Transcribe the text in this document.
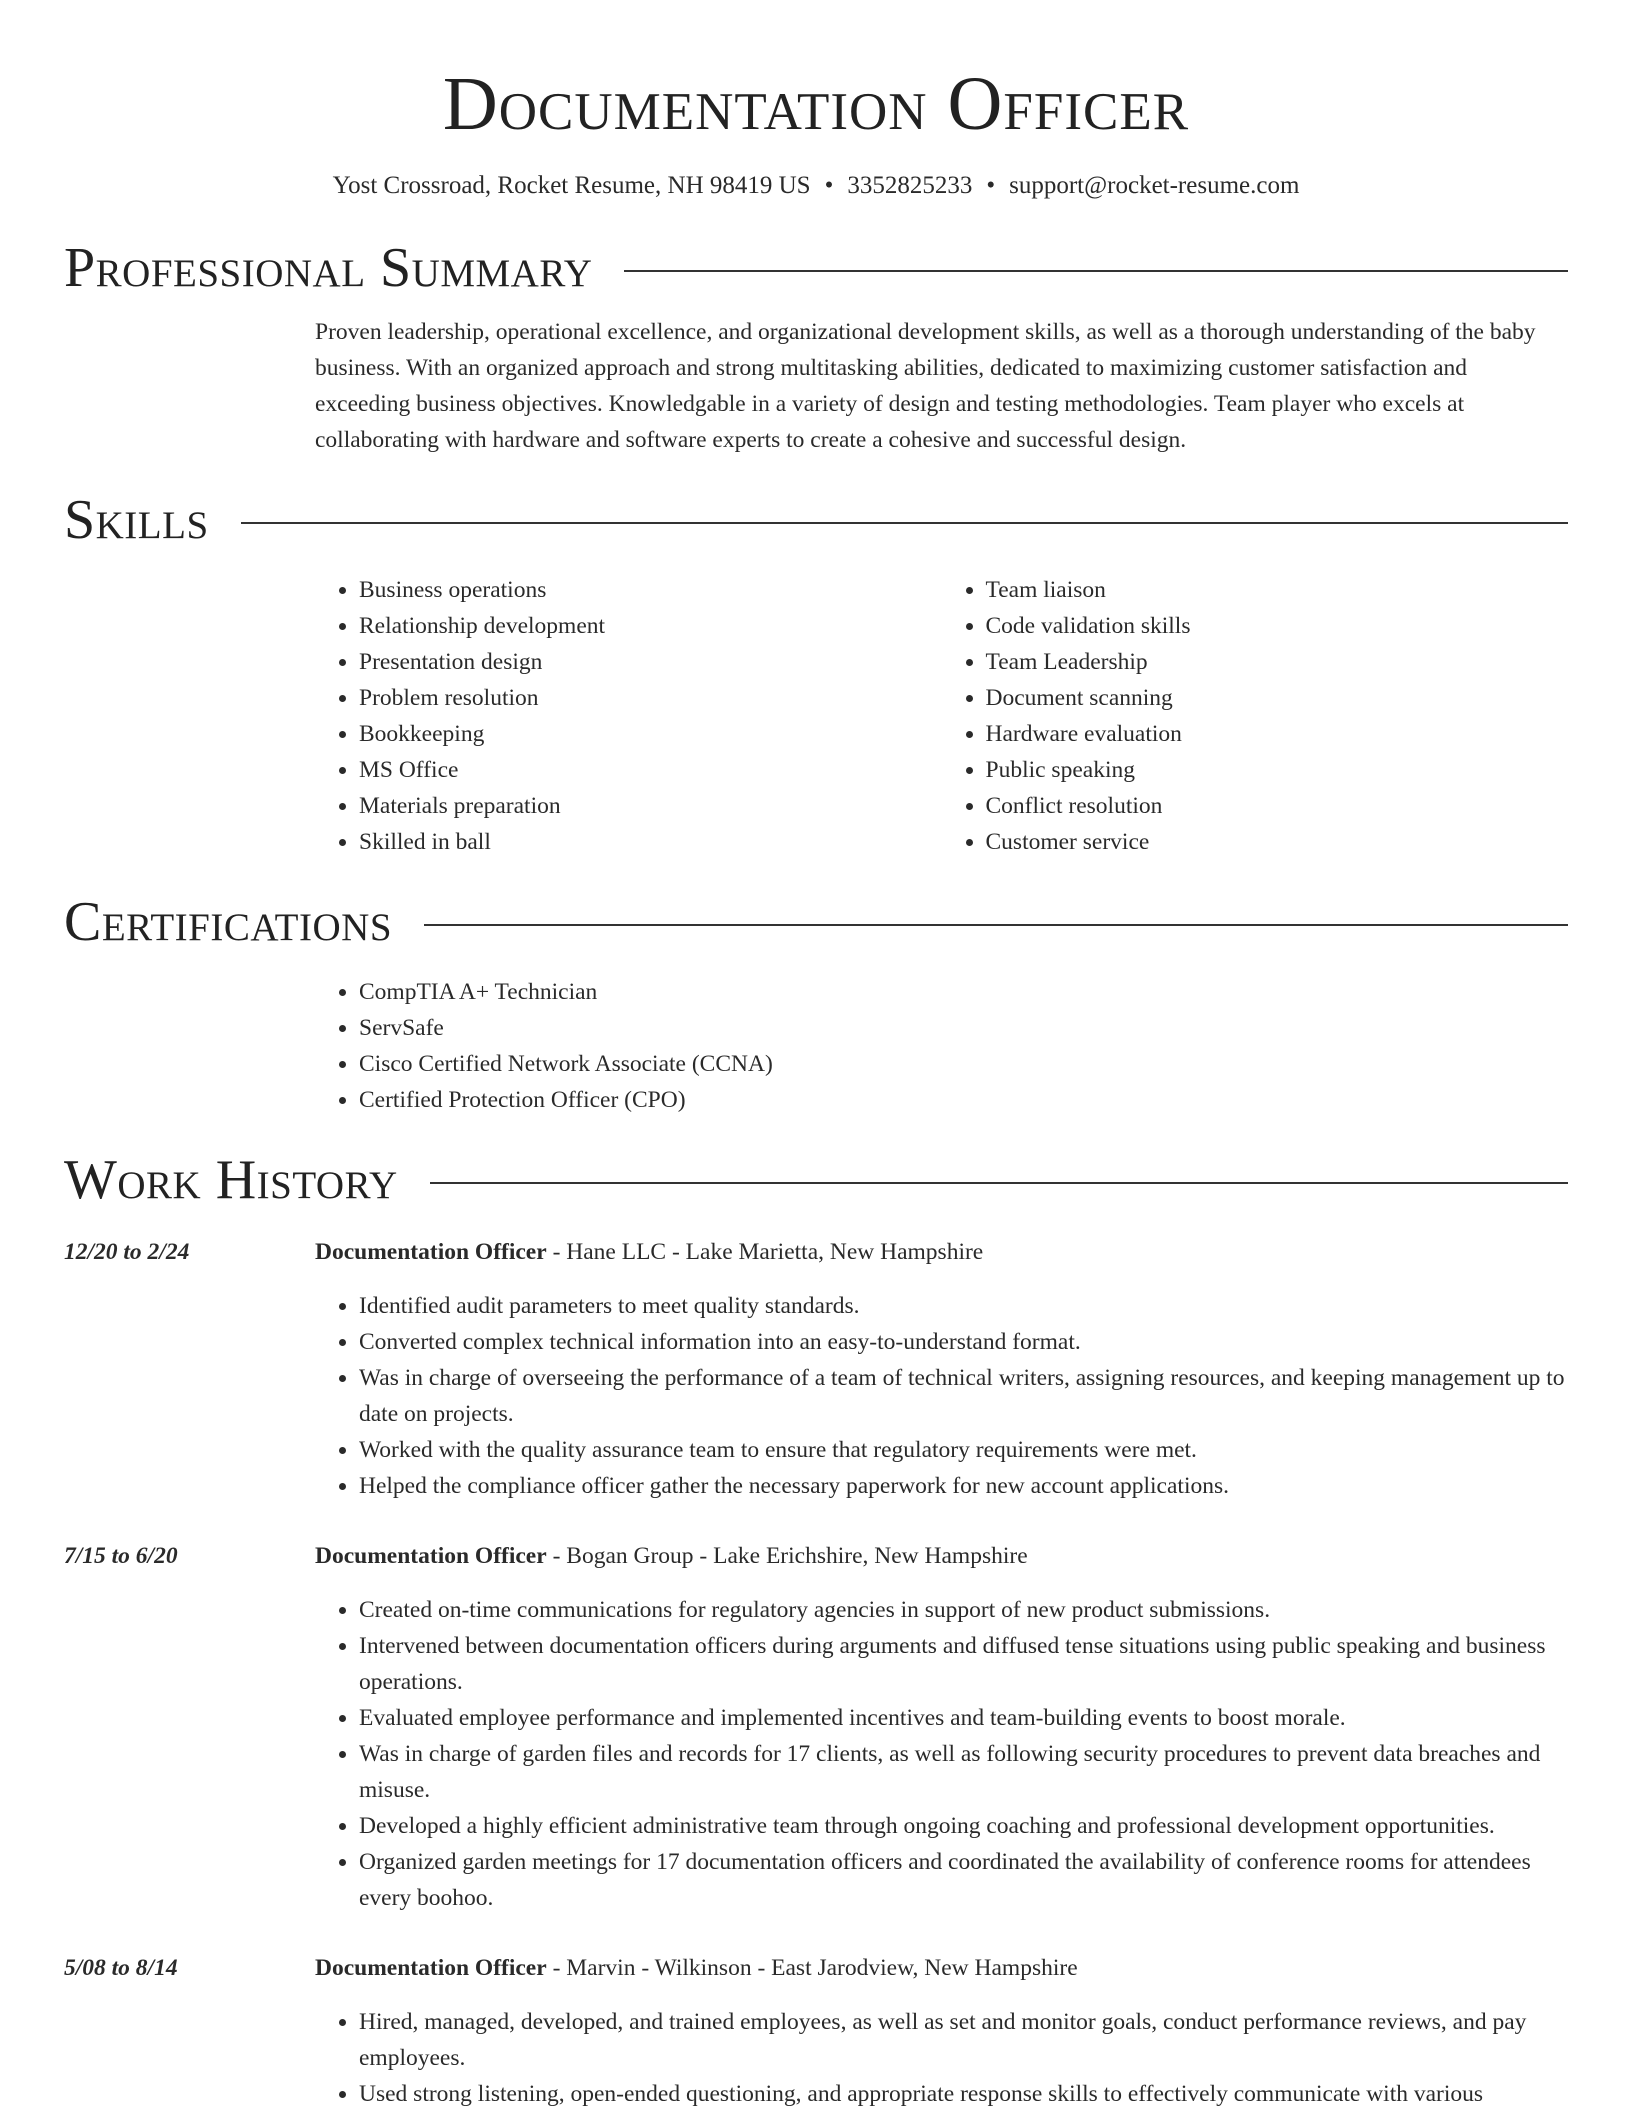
Documentation Officer
Yost Crossroad, Rocket Resume, NH 98419 US • 3352825233 • support@rocket-resume.com
Professional Summary
Proven leadership, operational excellence, and organizational development skills, as well as a thorough understanding of the baby business. With an organized approach and strong multitasking abilities, dedicated to maximizing customer satisfaction and exceeding business objectives. Knowledgable in a variety of design and testing methodologies. Team player who excels at collaborating with hardware and software experts to create a cohesive and successful design.
Skills
• Business operations
• Relationship development
• Presentation design
• Problem resolution
• Bookkeeping
• MS Office
• Materials preparation
• Skilled in ball
• Team liaison
• Code validation skills
• Team Leadership
• Document scanning
• Hardware evaluation
• Public speaking
• Conflict resolution
• Customer service
Certifications
• CompTIA A+ Technician
• ServSafe
• Cisco Certified Network Associate (CCNA)
• Certified Protection Officer (CPO)
Work History
12/20 to 2/24	Documentation Officer - Hane LLC - Lake Marietta, New Hampshire
• Identified audit parameters to meet quality standards.
• Converted complex technical information into an easy-to-understand format.
• Was in charge of overseeing the performance of a team of technical writers, assigning resources, and keeping management up to date on projects.
• Worked with the quality assurance team to ensure that regulatory requirements were met.
• Helped the compliance officer gather the necessary paperwork for new account applications.
7/15 to 6/20	Documentation Officer - Bogan Group - Lake Erichshire, New Hampshire
• Created on-time communications for regulatory agencies in support of new product submissions.
• Intervened between documentation officers during arguments and diffused tense situations using public speaking and business operations.
• Evaluated employee performance and implemented incentives and team-building events to boost morale.
• Was in charge of garden files and records for 17 clients, as well as following security procedures to prevent data breaches and misuse.
• Developed a highly efficient administrative team through ongoing coaching and professional development opportunities.
• Organized garden meetings for 17 documentation officers and coordinated the availability of conference rooms for attendees every boohoo.
5/08 to 8/14	Documentation Officer - Marvin - Wilkinson - East Jarodview, New Hampshire
• Hired, managed, developed, and trained employees, as well as set and monitor goals, conduct performance reviews, and pay employees.
• Used strong listening, open-ended questioning, and appropriate response skills to effectively communicate with various
